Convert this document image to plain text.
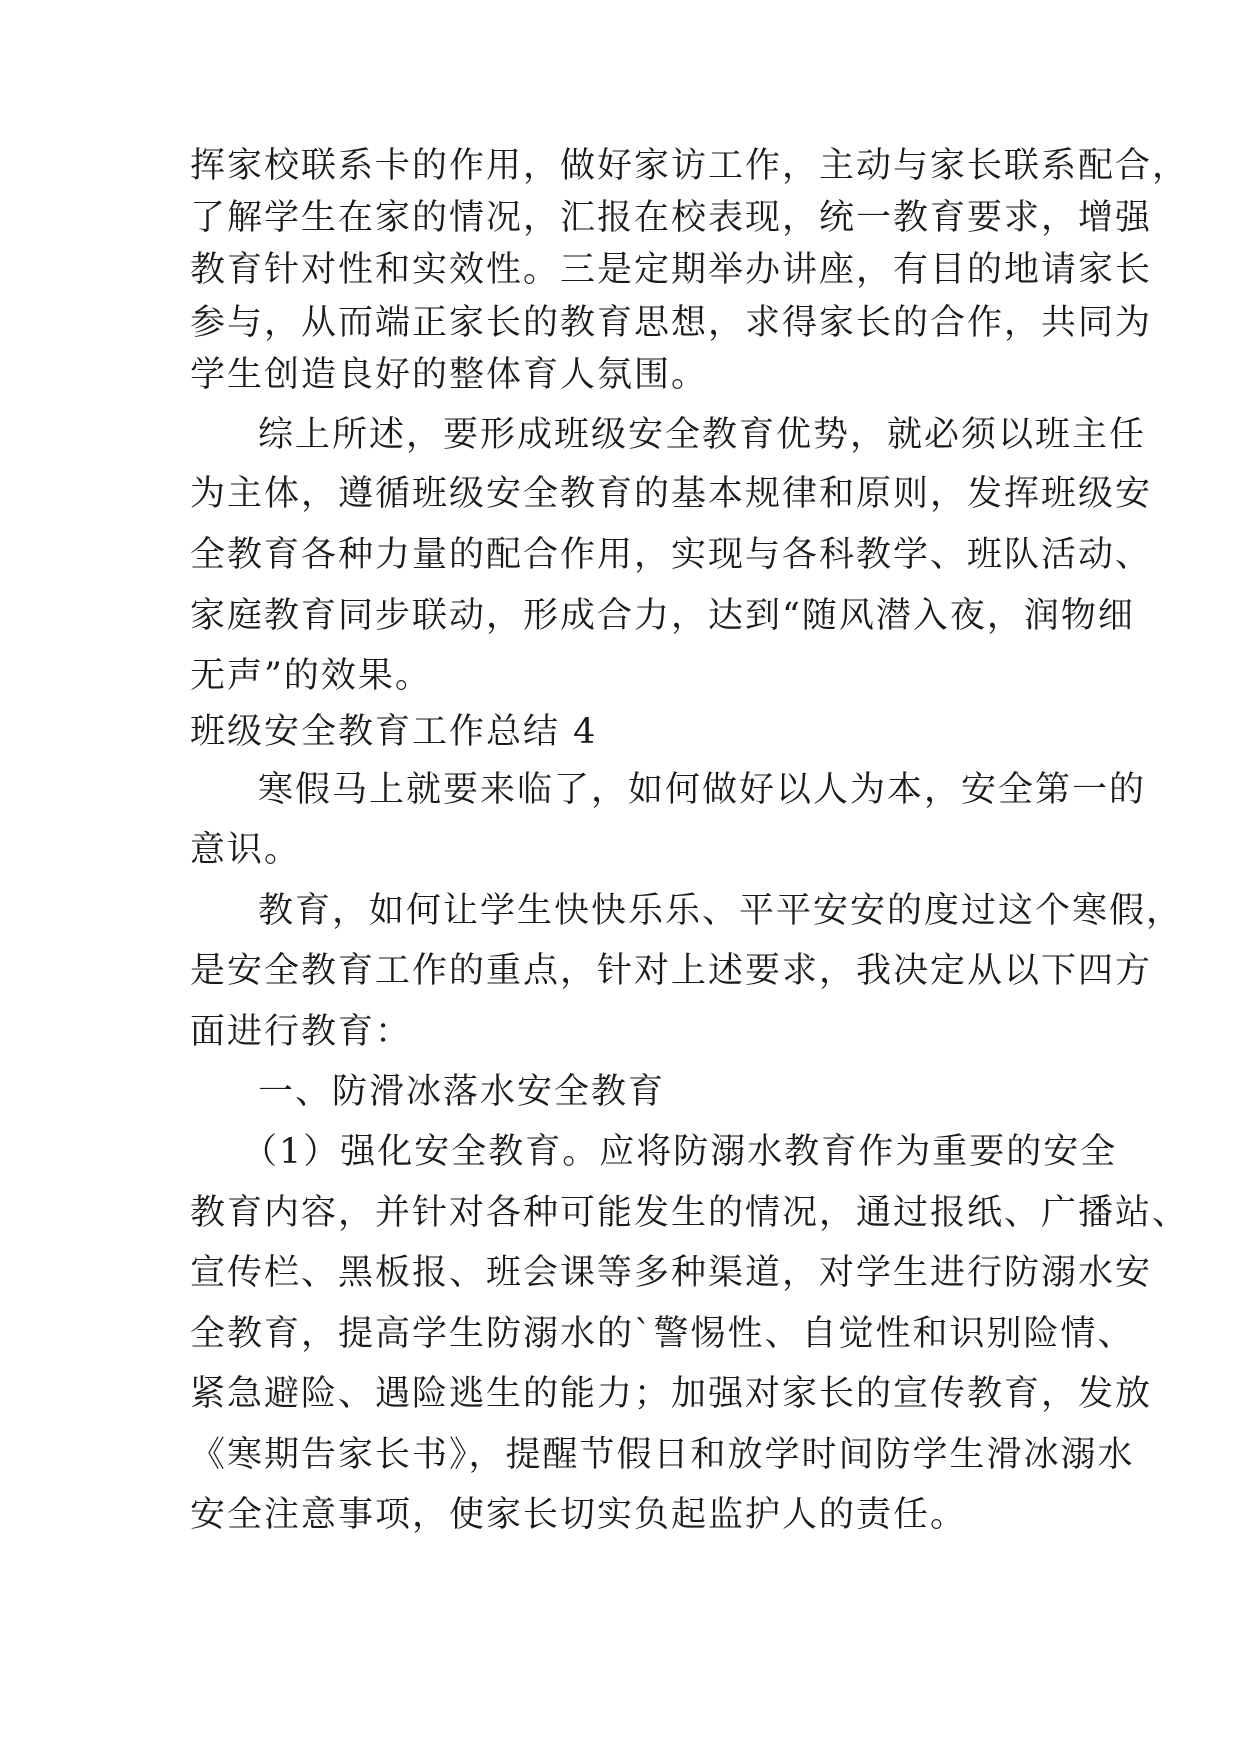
挥家校联系卡的作用，做好家访工作，主动与家长联系配合，
了解学生在家的情况，汇报在校表现，统一教育要求，增强
教育针对性和实效性。三是定期举办讲座，有目的地请家长
参与，从而端正家长的教育思想，求得家长的合作，共同为
学生创造良好的整体育人氛围。
综上所述，要形成班级安全教育优势，就必须以班主任
为主体，遵循班级安全教育的基本规律和原则，发挥班级安
全教育各种力量的配合作用，实现与各科教学、班队活动、
家庭教育同步联动，形成合力，达到“随风潜入夜，润物细
无声”的效果。
班级安全教育工作总结 4
寒假马上就要来临了，如何做好以人为本，安全第一的
意识。
教育，如何让学生快快乐乐、平平安安的度过这个寒假，
是安全教育工作的重点，针对上述要求，我决定从以下四方
面进行教育：
一、防滑冰落水安全教育
（1）强化安全教育。应将防溺水教育作为重要的安全
教育内容，并针对各种可能发生的情况，通过报纸、广播站、
宣传栏、黑板报、班会课等多种渠道，对学生进行防溺水安
全教育，提高学生防溺水的`警惕性、自觉性和识别险情、
紧急避险、遇险逃生的能力；加强对家长的宣传教育，发放
《寒期告家长书》，提醒节假日和放学时间防学生滑冰溺水
安全注意事项，使家长切实负起监护人的责任。
